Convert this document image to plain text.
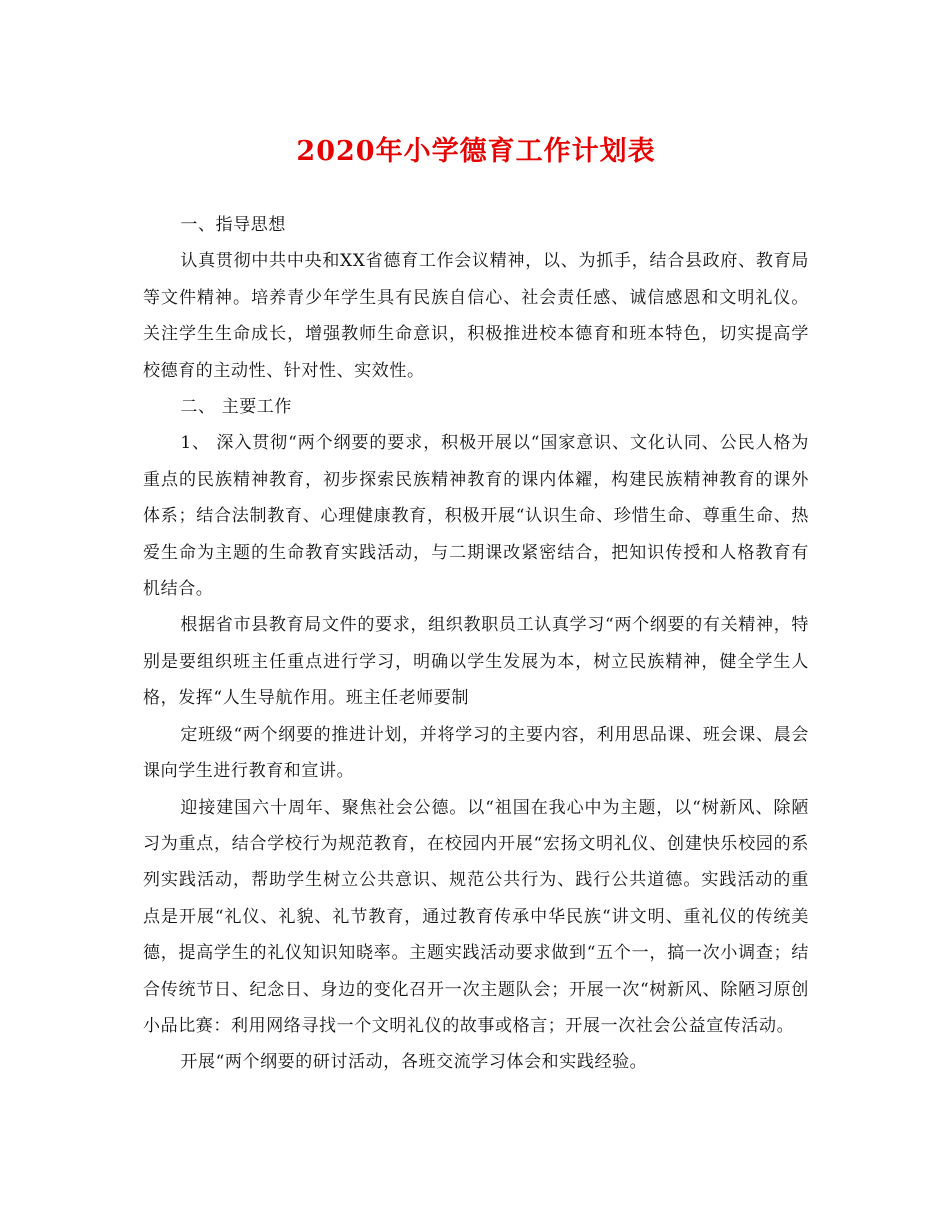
2020年小学德育工作计划表

一、指导思想

认真贯彻中共中央和XX省德育工作会议精神，以、为抓手，结合县政府、教育局等文件精神。培养青少年学生具有民族自信心、社会责任感、诚信感恩和文明礼仪。关注学生生命成长，增强教师生命意识，积极推进校本德育和班本特色，切实提高学校德育的主动性、针对性、实效性。

二、 主要工作

1、 深入贯彻“两个纲要的要求，积极开展以“国家意识、文化认同、公民人格为重点的民族精神教育，初步探索民族精神教育的课内体糴，构建民族精神教育的课外体系；结合法制教育、心理健康教育，积极开展“认识生命、珍惜生命、尊重生命、热爱生命为主题的生命教育实践活动，与二期课改紧密结合，把知识传授和人格教育有机结合。

根据省市县教育局文件的要求，组织教职员工认真学习“两个纲要的有关精神，特别是要组织班主任重点进行学习，明确以学生发展为本，树立民族精神，健全学生人格，发挥“人生导航作用。班主任老师要制

定班级“两个纲要的推进计划，并将学习的主要内容，利用思品课、班会课、晨会课向学生进行教育和宣讲。

迎接建国六十周年、聚焦社会公德。以“祖国在我心中为主题，以“树新风、除陋习为重点，结合学校行为规范教育，在校园内开展“宏扬文明礼仪、创建快乐校园的系列实践活动，帮助学生树立公共意识、规范公共行为、践行公共道德。实践活动的重点是开展“礼仪、礼貌、礼节教育，通过教育传承中华民族“讲文明、重礼仪的传统美德，提高学生的礼仪知识知晓率。主题实践活动要求做到“五个一，搞一次小调查；结合传统节日、纪念日、身边的变化召开一次主题队会；开展一次“树新风、除陋习原创小品比赛：利用网络寻找一个文明礼仪的故事或格言；开展一次社会公益宣传活动。

开展“两个纲要的研讨活动，各班交流学习体会和实践经验。
